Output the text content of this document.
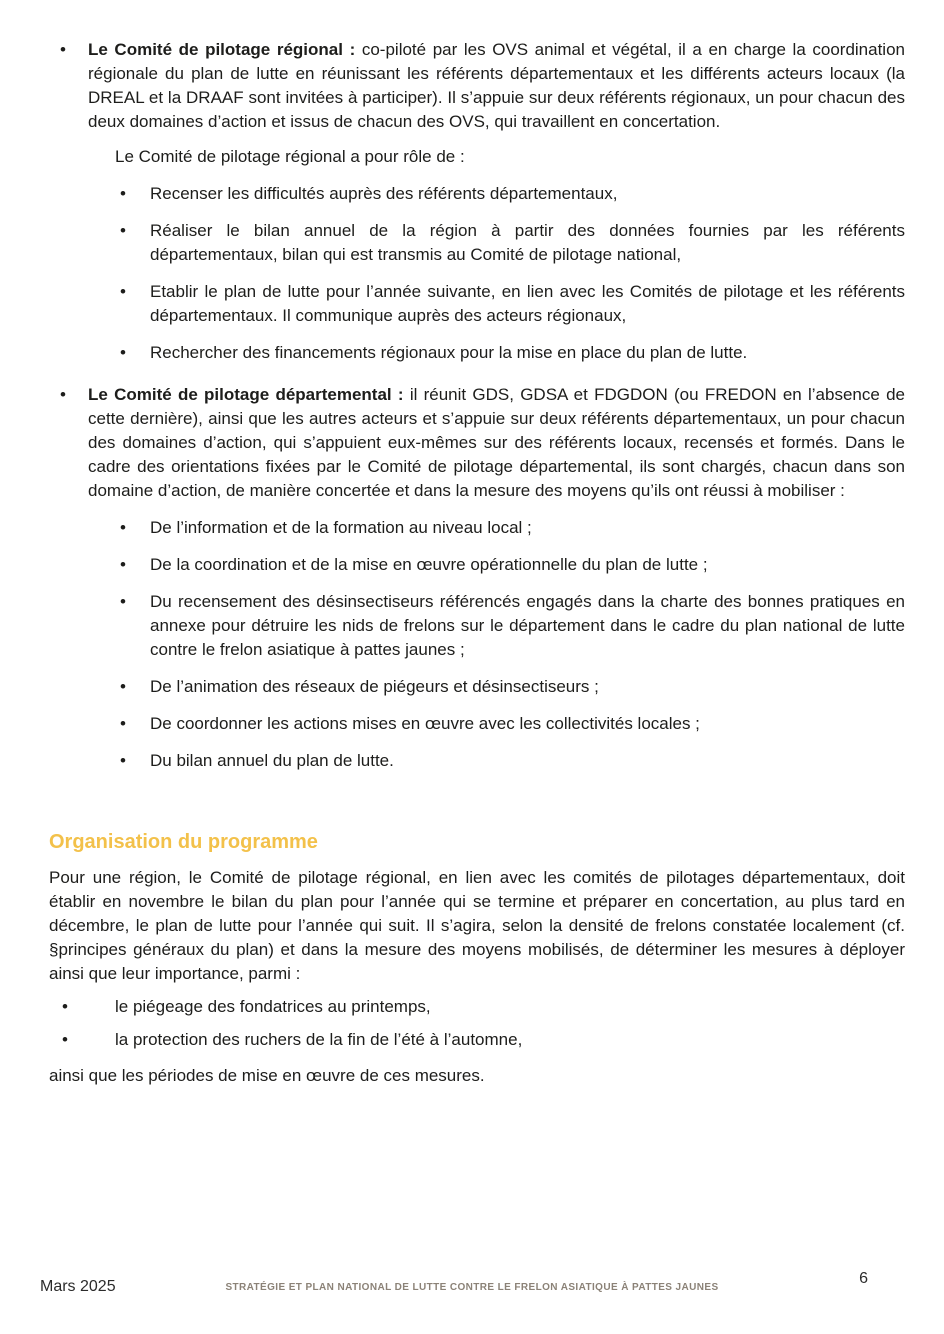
• Le Comité de pilotage régional : co-piloté par les OVS animal et végétal, il a en charge la coordination régionale du plan de lutte en réunissant les référents départementaux et les différents acteurs locaux (la DREAL et la DRAAF sont invitées à participer). Il s’appuie sur deux référents régionaux, un pour chacun des deux domaines d’action et issus de chacun des OVS, qui travaillent en concertation.

Le Comité de pilotage régional a pour rôle de :

• Recenser les difficultés auprès des référents départementaux,
• Réaliser le bilan annuel de la région à partir des données fournies par les référents départementaux, bilan qui est transmis au Comité de pilotage national,
• Etablir le plan de lutte pour l’année suivante, en lien avec les Comités de pilotage et les référents départementaux. Il communique auprès des acteurs régionaux,
• Rechercher des financements régionaux pour la mise en place du plan de lutte.

• Le Comité de pilotage départemental : il réunit GDS, GDSA et FDGDON (ou FREDON en l’absence de cette dernière), ainsi que les autres acteurs et s’appuie sur deux référents départementaux, un pour chacun des domaines d’action, qui s’appuient eux-mêmes sur des référents locaux, recensés et formés. Dans le cadre des orientations fixées par le Comité de pilotage départemental, ils sont chargés, chacun dans son domaine d’action, de manière concertée et dans la mesure des moyens qu’ils ont réussi à mobiliser :

• De l’information et de la formation au niveau local ;
• De la coordination et de la mise en œuvre opérationnelle du plan de lutte ;
• Du recensement des désinsectiseurs référencés engagés dans la charte des bonnes pratiques en annexe pour détruire les nids de frelons sur le département dans le cadre du plan national de lutte contre le frelon asiatique à pattes jaunes ;
• De l’animation des réseaux de piégeurs et désinsectiseurs ;
• De coordonner les actions mises en œuvre avec les collectivités locales ;
• Du bilan annuel du plan de lutte.
Organisation du programme

Pour une région, le Comité de pilotage régional, en lien avec les comités de pilotages départementaux, doit établir en novembre le bilan du plan pour l’année qui se termine et préparer en concertation, au plus tard en décembre, le plan de lutte pour l’année qui suit. Il s’agira, selon la densité de frelons constatée localement (cf. §principes généraux du plan) et dans la mesure des moyens mobilisés, de déterminer les mesures à déployer ainsi que leur importance, parmi :

• le piégeage des fondatrices au printemps,
• la protection des ruchers de la fin de l’été à l’automne,

ainsi que les périodes de mise en œuvre de ces mesures.

Mars 2025	STRATÉGIE ET PLAN NATIONAL DE LUTTE CONTRE LE FRELON ASIATIQUE À PATTES JAUNES
6
